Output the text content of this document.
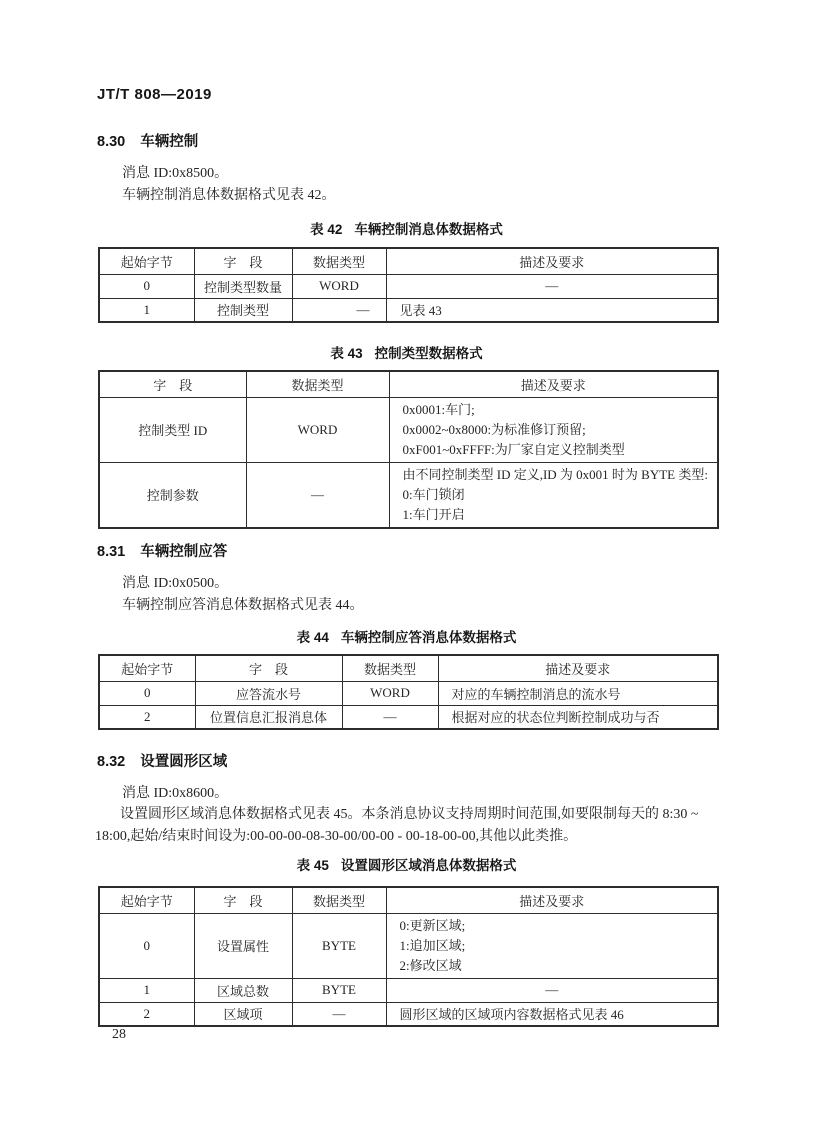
JT/T 808—2019
8.30 车辆控制
消息 ID:0x8500。
车辆控制消息体数据格式见表 42。
表 42 车辆控制消息体数据格式
起始字节	字　段	数据类型	描述及要求
0	控制类型数量	WORD	—
1	控制类型	—	见表 43
表 43 控制类型数据格式
字　段	数据类型	描述及要求
控制类型 ID	WORD	0x0001:车门;
0x0002~0x8000:为标准修订预留;
0xF001~0xFFFF:为厂家自定义控制类型

控制参数	—	由不同控制类型 ID 定义,ID 为 0x001 时为 BYTE 类型:
0:车门锁闭
1:车门开启
8.31 车辆控制应答
消息 ID:0x0500。
车辆控制应答消息体数据格式见表 44。
表 44 车辆控制应答消息体数据格式
起始字节	字　段	数据类型	描述及要求
0	应答流水号	WORD	对应的车辆控制消息的流水号
2	位置信息汇报消息体	—	根据对应的状态位判断控制成功与否
8.32 设置圆形区域
消息 ID:0x8600。
设置圆形区域消息体数据格式见表 45。本条消息协议支持周期时间范围,如要限制每天的 8:30 ~
18:00,起始/结束时间设为:00-00-00-08-30-00/00-00 - 00-18-00-00,其他以此类推。
表 45 设置圆形区域消息体数据格式
起始字节	字　段	数据类型	描述及要求
0	设置属性	BYTE	0:更新区域;
1:追加区域;
2:修改区域

1	区域总数	BYTE	—
2	区域项	—	圆形区域的区域项内容数据格式见表 46
28
